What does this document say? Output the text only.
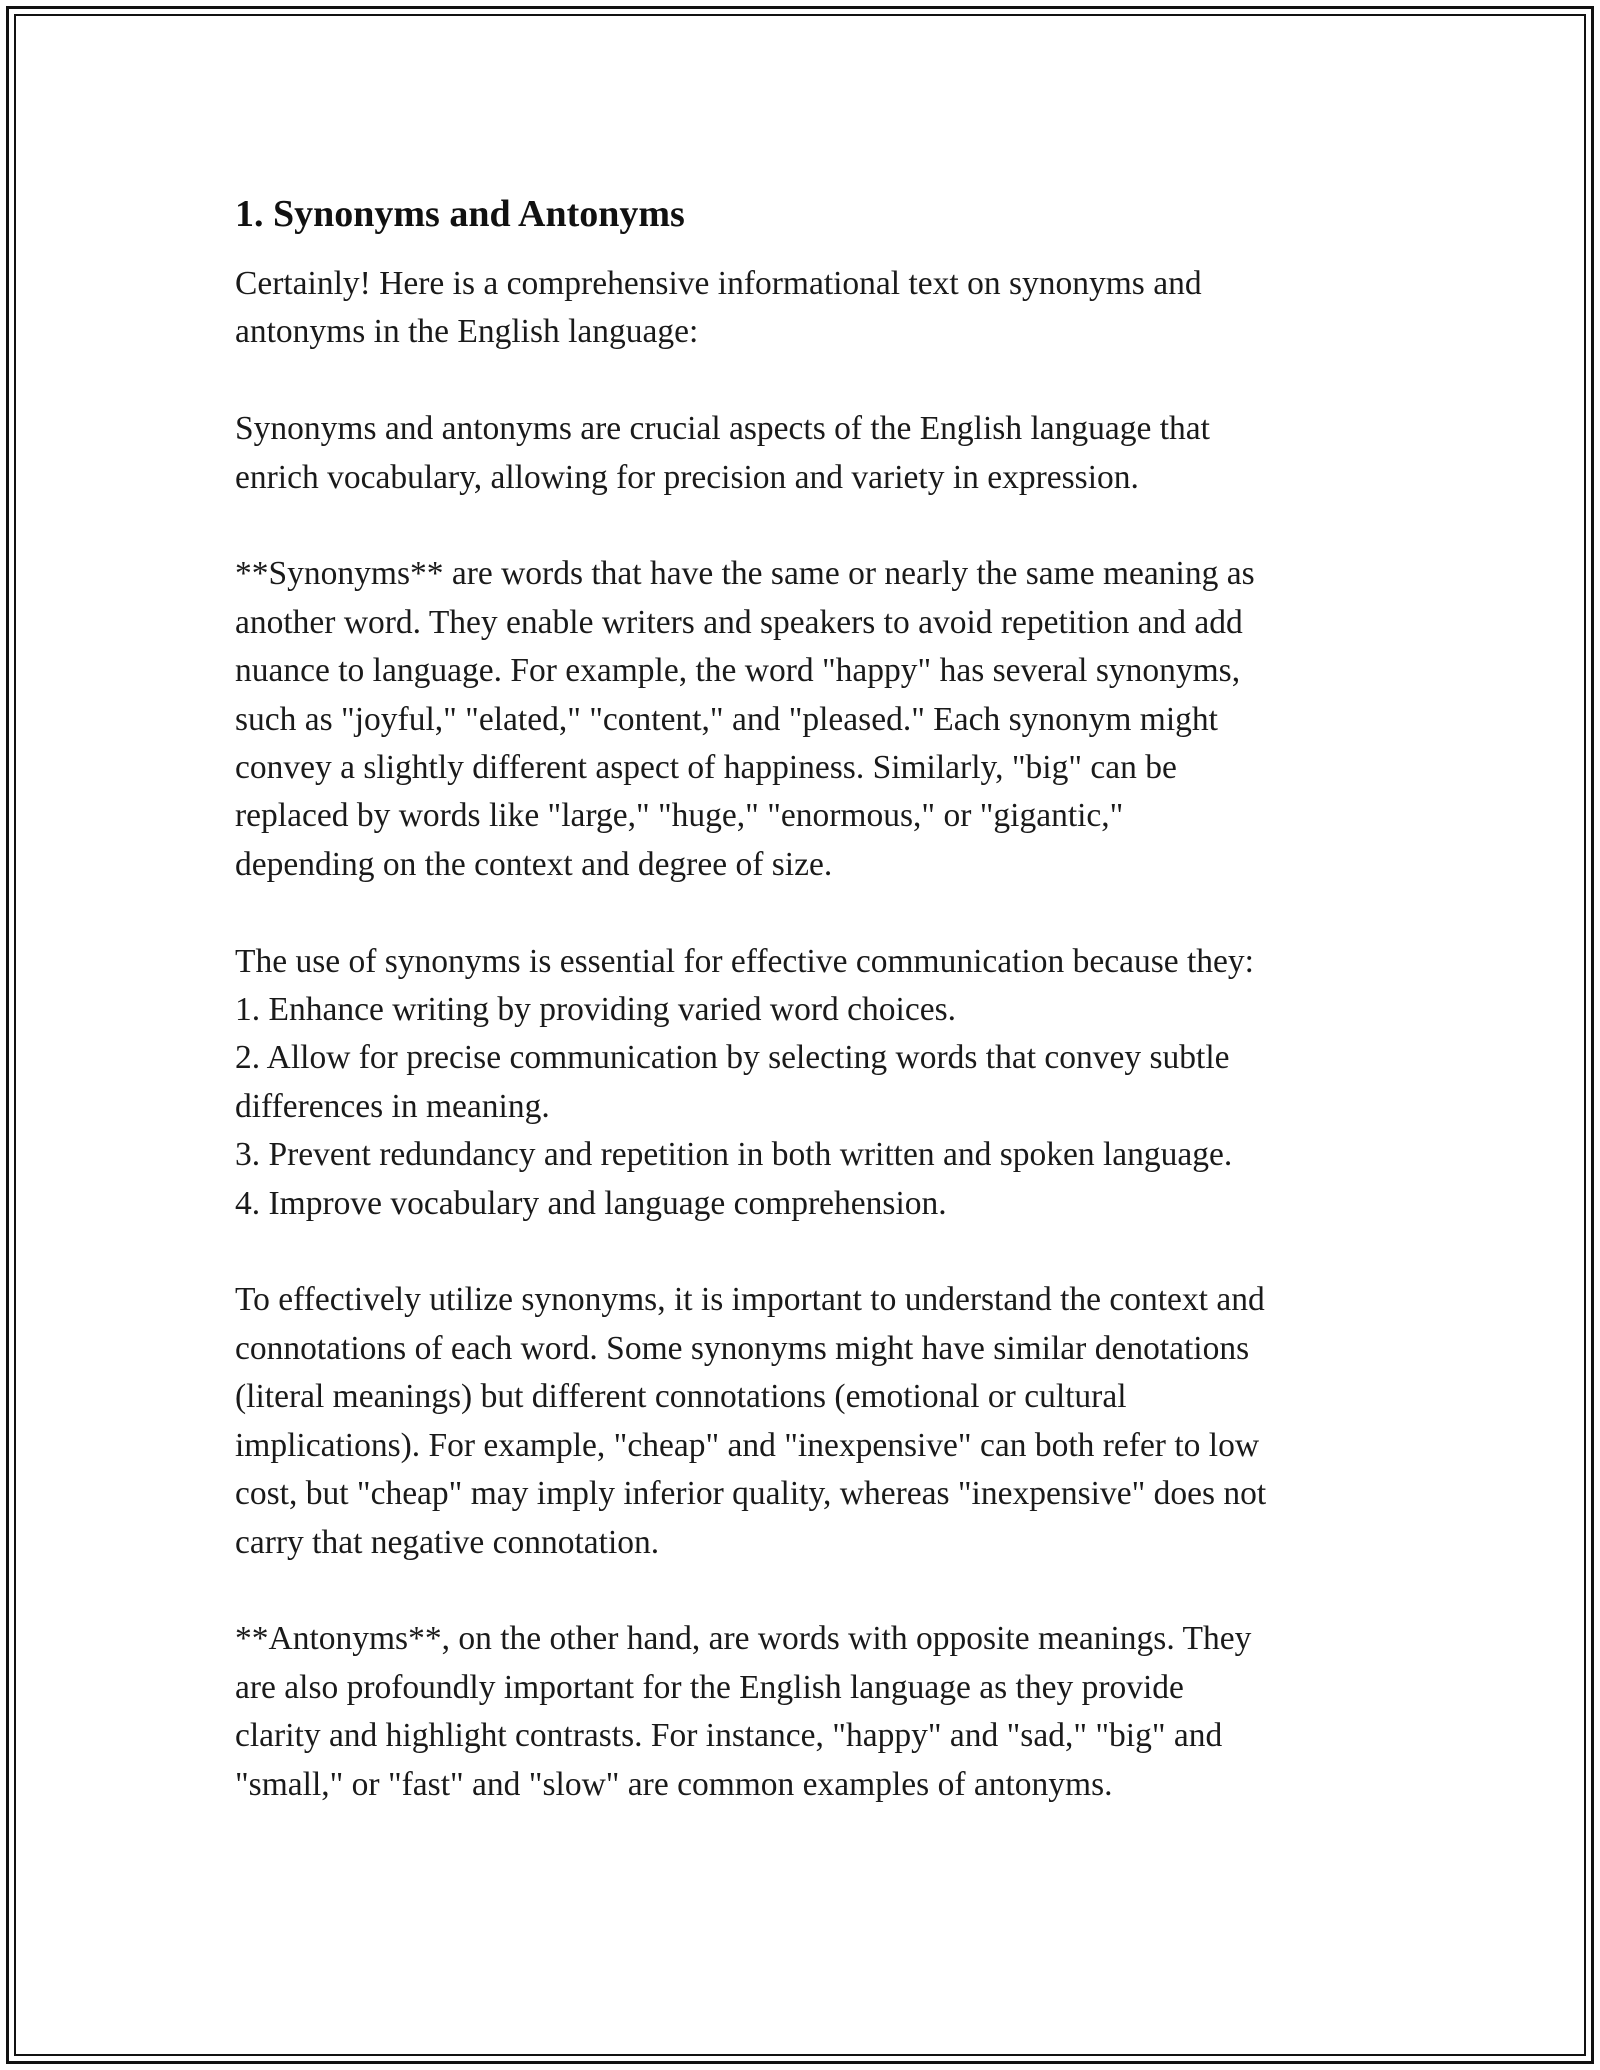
1. Synonyms and Antonyms
Certainly! Here is a comprehensive informational text on synonyms and
antonyms in the English language:
Synonyms and antonyms are crucial aspects of the English language that
enrich vocabulary, allowing for precision and variety in expression.
**Synonyms** are words that have the same or nearly the same meaning as
another word. They enable writers and speakers to avoid repetition and add
nuance to language. For example, the word "happy" has several synonyms,
such as "joyful," "elated," "content," and "pleased." Each synonym might
convey a slightly different aspect of happiness. Similarly, "big" can be
replaced by words like "large," "huge," "enormous," or "gigantic,"
depending on the context and degree of size.
The use of synonyms is essential for effective communication because they:
1. Enhance writing by providing varied word choices.
2. Allow for precise communication by selecting words that convey subtle
differences in meaning.
3. Prevent redundancy and repetition in both written and spoken language.
4. Improve vocabulary and language comprehension.
To effectively utilize synonyms, it is important to understand the context and
connotations of each word. Some synonyms might have similar denotations
(literal meanings) but different connotations (emotional or cultural
implications). For example, "cheap" and "inexpensive" can both refer to low
cost, but "cheap" may imply inferior quality, whereas "inexpensive" does not
carry that negative connotation.
**Antonyms**, on the other hand, are words with opposite meanings. They
are also profoundly important for the English language as they provide
clarity and highlight contrasts. For instance, "happy" and "sad," "big" and
"small," or "fast" and "slow" are common examples of antonyms.
